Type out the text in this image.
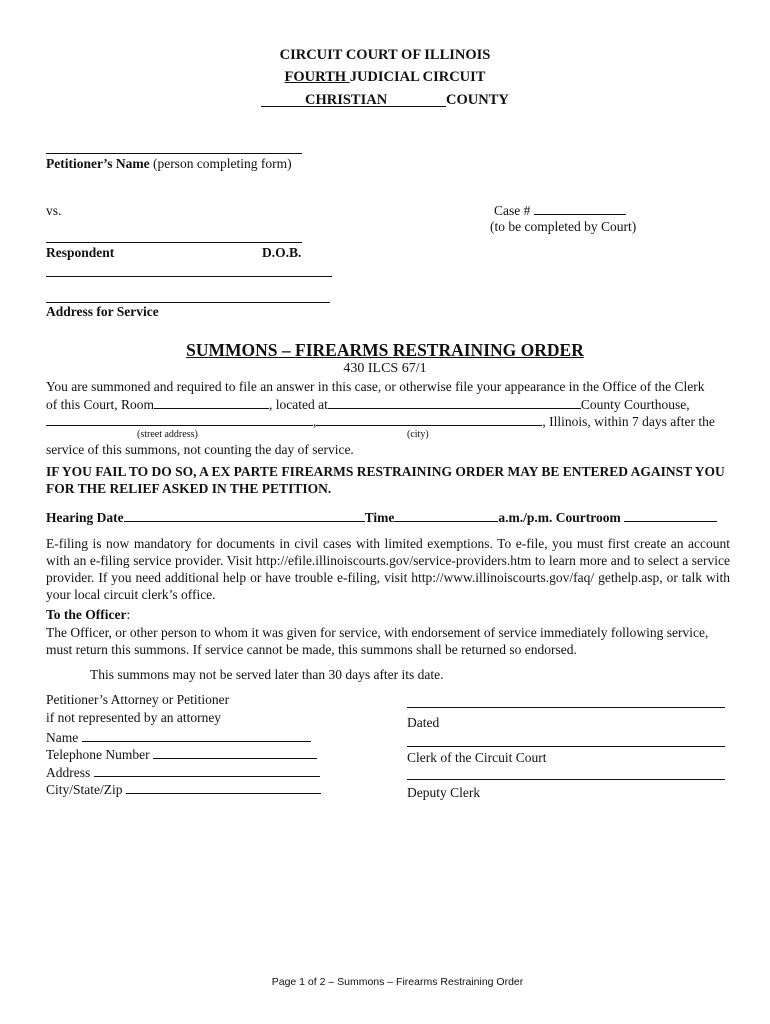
CIRCUIT COURT OF ILLINOIS
FOURTH JUDICIAL CIRCUIT
CHRISTIAN	COUNTY
Petitioner’s Name (person completing form)
vs.	Case #
(to be completed by Court)
Respondent	D.O.B.
Address for Service
SUMMONS – FIREARMS RESTRAINING ORDER
430 ILCS 67/1
You are summoned and required to file an answer in this case, or otherwise file your appearance in the Office of the Clerk
of this Court, Room	, located at	County Courthouse,
,	, Illinois, within 7 days after the
(street address)	(city)
service of this summons, not counting the day of service.
IF YOU FAIL TO DO SO, A EX PARTE FIREARMS RESTRAINING ORDER MAY BE ENTERED AGAINST YOU FOR THE RELIEF ASKED IN THE PETITION.
Hearing Date	Time	a.m./p.m. Courtroom
E-filing is now mandatory for documents in civil cases with limited exemptions. To e-file, you must first create an account with an e-filing service provider. Visit http://efile.illinoiscourts.gov/service-providers.htm to learn more and to select a service provider. If you need additional help or have trouble e-filing, visit http://www.illinoiscourts.gov/faq/ gethelp.asp, or talk with your local circuit clerk’s office.
To the Officer:
The Officer, or other person to whom it was given for service, with endorsement of service immediately following service, must return this summons. If service cannot be made, this summons shall be returned so endorsed.
This summons may not be served later than 30 days after its date.
Petitioner’s Attorney or Petitioner
if not represented by an attorney
Name
Telephone Number
Address
City/State/Zip
Dated
Clerk of the Circuit Court
Deputy Clerk
Page 1 of 2 – Summons – Firearms Restraining Order
